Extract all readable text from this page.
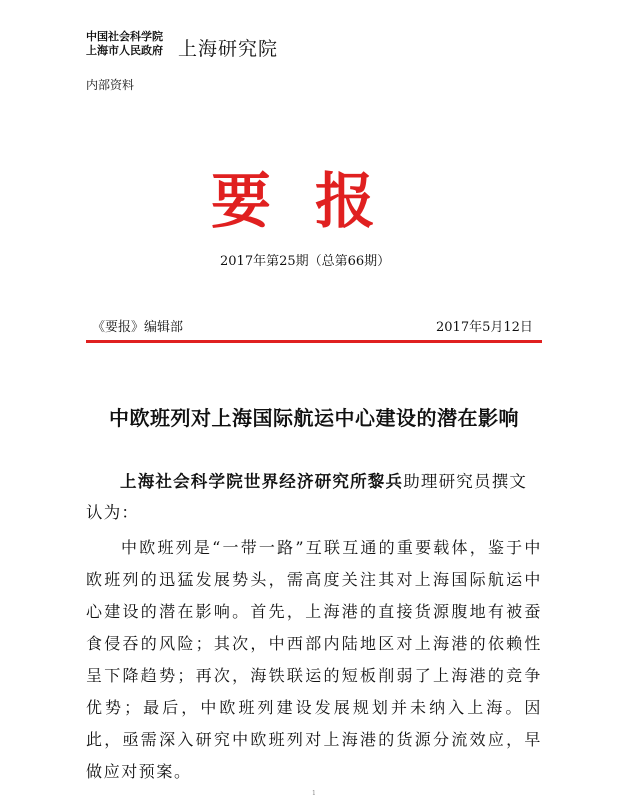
中国社会科学院
上海市人民政府 上海研究院
内部资料
要报
2017年第25期（总第66期）
《要报》编辑部	2017年5月12日
中欧班列对上海国际航运中心建设的潜在影响
上海社会科学院世界经济研究所黎兵助理研究员撰文认为：
中欧班列是“一带一路”互联互通的重要载体，鉴于中欧班列的迅猛发展势头，需高度关注其对上海国际航运中心建设的潜在影响。首先，上海港的直接货源腹地有被蚕食侵吞的风险；其次，中西部内陆地区对上海港的依赖性呈下降趋势；再次，海铁联运的短板削弱了上海港的竞争优势；最后，中欧班列建设发展规划并未纳入上海。因此，亟需深入研究中欧班列对上海港的货源分流效应，早做应对预案。
1
